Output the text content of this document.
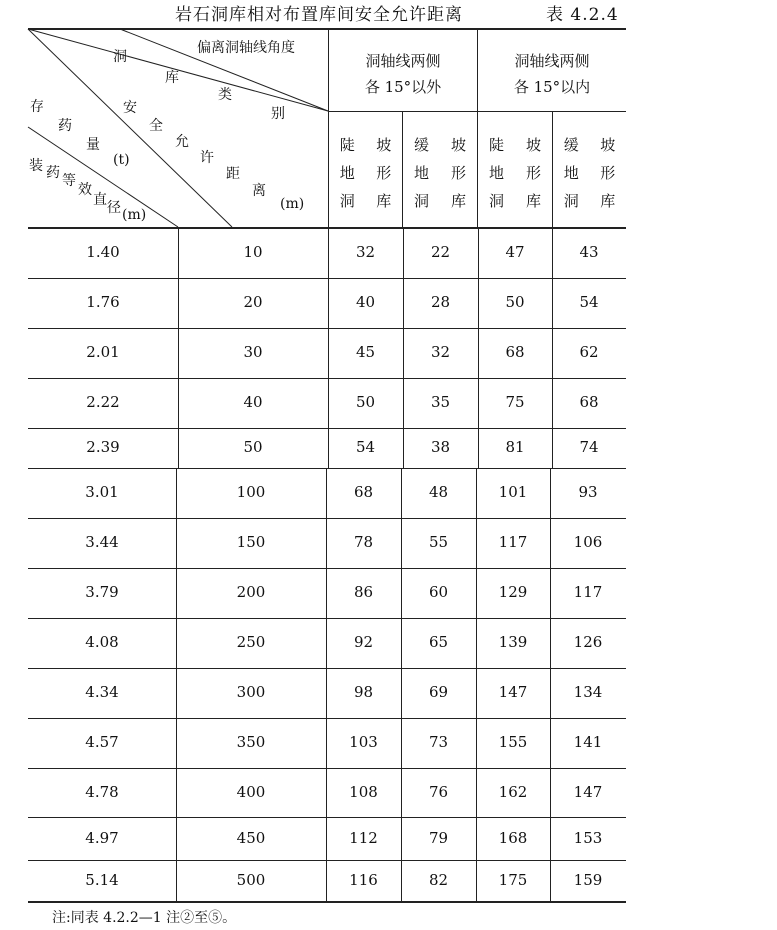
岩石洞库相对布置库间安全允许距离	表 4.2.4
偏离洞轴线角度
洞
库
类
别
安
全
允
许
距
离
(m)
存
药
量
(t)
装 药 等
效
直 径 (m)
洞轴线两侧
各 15°以外
洞轴线两侧
各 15°以内
陡	坡
地	形
洞	库
缓	坡
地	形
洞	库
陡	坡
地	形
洞	库
缓	坡
地	形
洞	库
1.40	10	32	22	47	43
1.76	20	40	28	50	54
2.01	30	45	32	68	62
2.22	40	50	35	75	68
2.39	50	54	38	81	74
3.01	100	68	48	101	93
3.44	150	78	55	117	106
3.79	200	86	60	129	117
4.08	250	92	65	139	126
4.34	300	98	69	147	134
4.57	350	103	73	155	141
4.78	400	108	76	162	147
4.97	450	112	79	168	153
5.14	500	116	82	175	159
注:同表 4.2.2—1 注②至⑤。
